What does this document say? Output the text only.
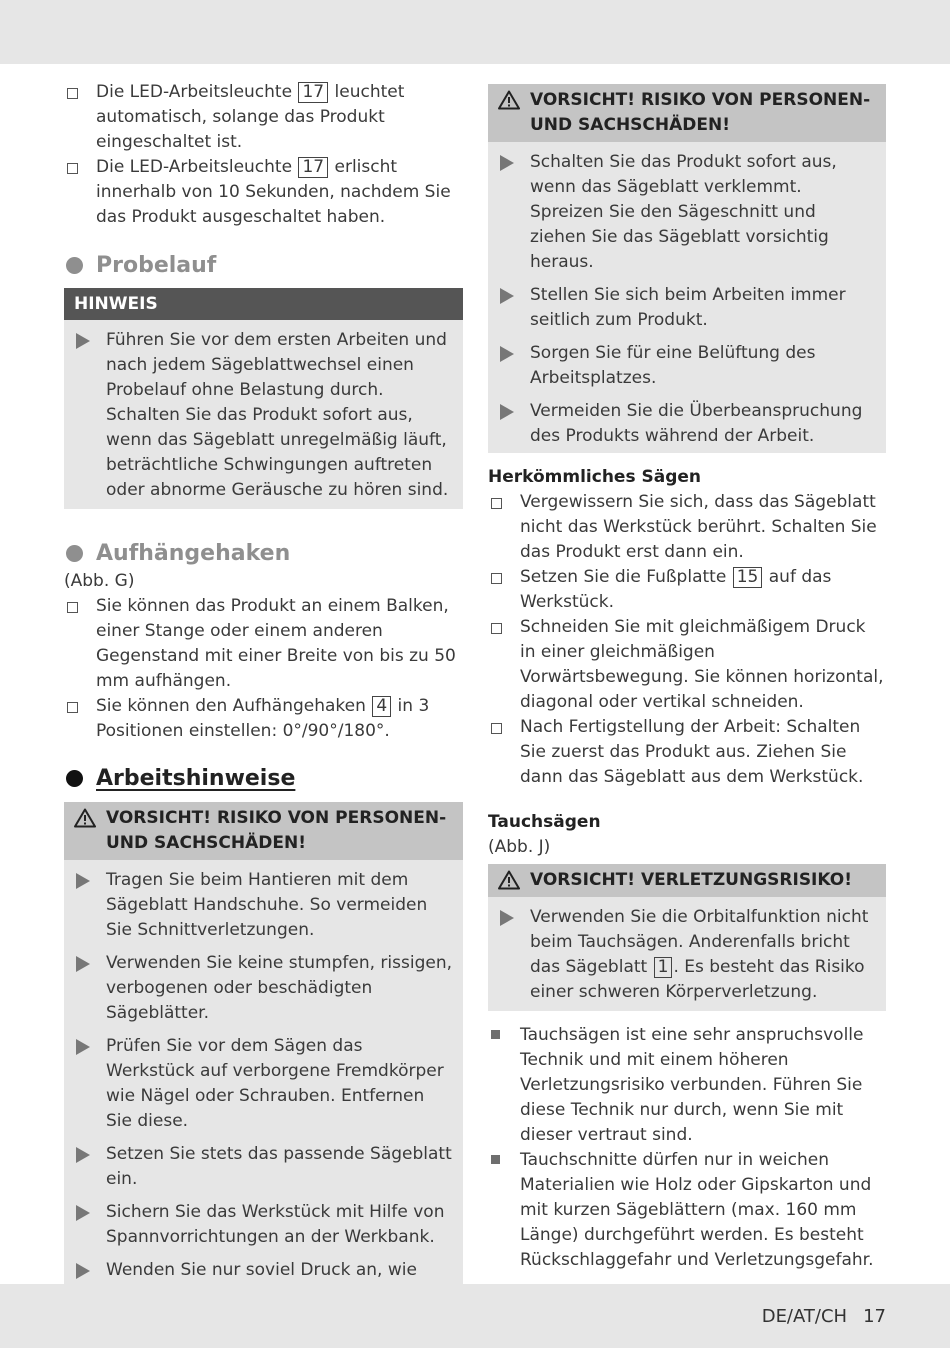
Die LED-Arbeitsleuchte 17 leuchtet automatisch, solange das Produkt eingeschaltet ist.
Die LED-Arbeitsleuchte 17 erlischt innerhalb von 10 Sekunden, nachdem Sie das Produkt ausgeschaltet haben.
Probelauf
HINWEIS
Führen Sie vor dem ersten Arbeiten und nach jedem Sägeblattwechsel einen Probelauf ohne Belastung durch. Schalten Sie das Produkt sofort aus, wenn das Sägeblatt unregelmäßig läuft, beträchtliche Schwingungen auftreten oder abnorme Geräusche zu hören sind.
Aufhängehaken
(Abb. G)
Sie können das Produkt an einem Balken, einer Stange oder einem anderen Gegenstand mit einer Breite von bis zu 50 mm aufhängen.
Sie können den Aufhängehaken 4 in 3 Positionen einstellen: 0°/90°/180°.
Arbeitshinweise
VORSICHT! RISIKO VON PERSONEN- UND SACHSCHÄDEN!
Tragen Sie beim Hantieren mit dem Sägeblatt Handschuhe. So vermeiden Sie Schnittverletzungen.
Verwenden Sie keine stumpfen, rissigen, verbogenen oder beschädigten Sägeblätter.
Prüfen Sie vor dem Sägen das Werkstück auf verborgene Fremdkörper wie Nägel oder Schrauben. Entfernen Sie diese.
Setzen Sie stets das passende Sägeblatt ein.
Sichern Sie das Werkstück mit Hilfe von Spannvorrichtungen an der Werkbank.
Wenden Sie nur soviel Druck an, wie
VORSICHT! RISIKO VON PERSONEN- UND SACHSCHÄDEN!
Schalten Sie das Produkt sofort aus, wenn das Sägeblatt verklemmt. Spreizen Sie den Sägeschnitt und ziehen Sie das Sägeblatt vorsichtig heraus.
Stellen Sie sich beim Arbeiten immer seitlich zum Produkt.
Sorgen Sie für eine Belüftung des Arbeitsplatzes.
Vermeiden Sie die Überbeanspruchung des Produkts während der Arbeit.
Herkömmliches Sägen
Vergewissern Sie sich, dass das Sägeblatt nicht das Werkstück berührt. Schalten Sie das Produkt erst dann ein.
Setzen Sie die Fußplatte 15 auf das Werkstück.
Schneiden Sie mit gleichmäßigem Druck in einer gleichmäßigen Vorwärtsbewegung. Sie können horizontal, diagonal oder vertikal schneiden.
Nach Fertigstellung der Arbeit: Schalten Sie zuerst das Produkt aus. Ziehen Sie dann das Sägeblatt aus dem Werkstück.
Tauchsägen
(Abb. J)
VORSICHT! VERLETZUNGSRISIKO!
Verwenden Sie die Orbitalfunktion nicht beim Tauchsägen. Anderenfalls bricht das Sägeblatt 1 . Es besteht das Risiko einer schweren Körperverletzung.
Tauchsägen ist eine sehr anspruchsvolle Technik und mit einem höheren Verletzungsrisiko verbunden. Führen Sie diese Technik nur durch, wenn Sie mit dieser vertraut sind.
Tauchschnitte dürfen nur in weichen Materialien wie Holz oder Gipskarton und mit kurzen Sägeblättern (max. 160 mm Länge) durchgeführt werden. Es besteht Rückschlaggefahr und Verletzungsgefahr.
DE/AT/CH 17
